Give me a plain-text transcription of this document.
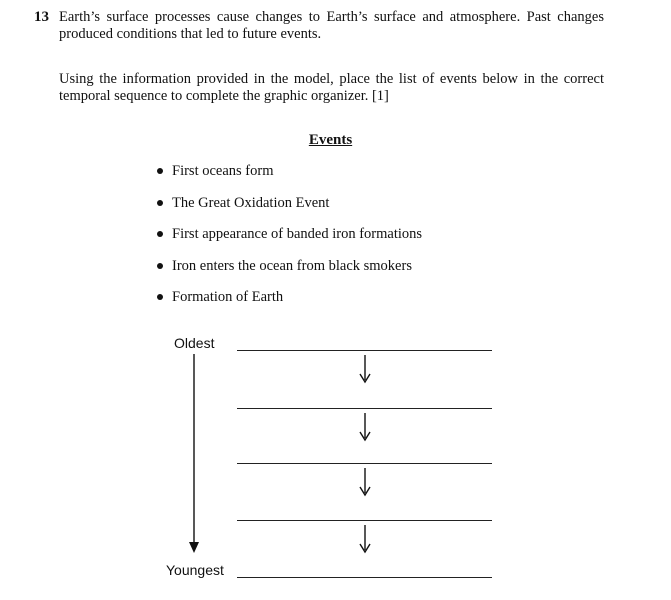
13 Earth’s surface processes cause changes to Earth’s surface and atmosphere. Past changes produced conditions that led to future events.
Using the information provided in the model, place the list of events below in the correct temporal sequence to complete the graphic organizer. [1]
Events
First oceans form
The Great Oxidation Event
First appearance of banded iron formations
Iron enters the ocean from black smokers
Formation of Earth
Oldest
Youngest
